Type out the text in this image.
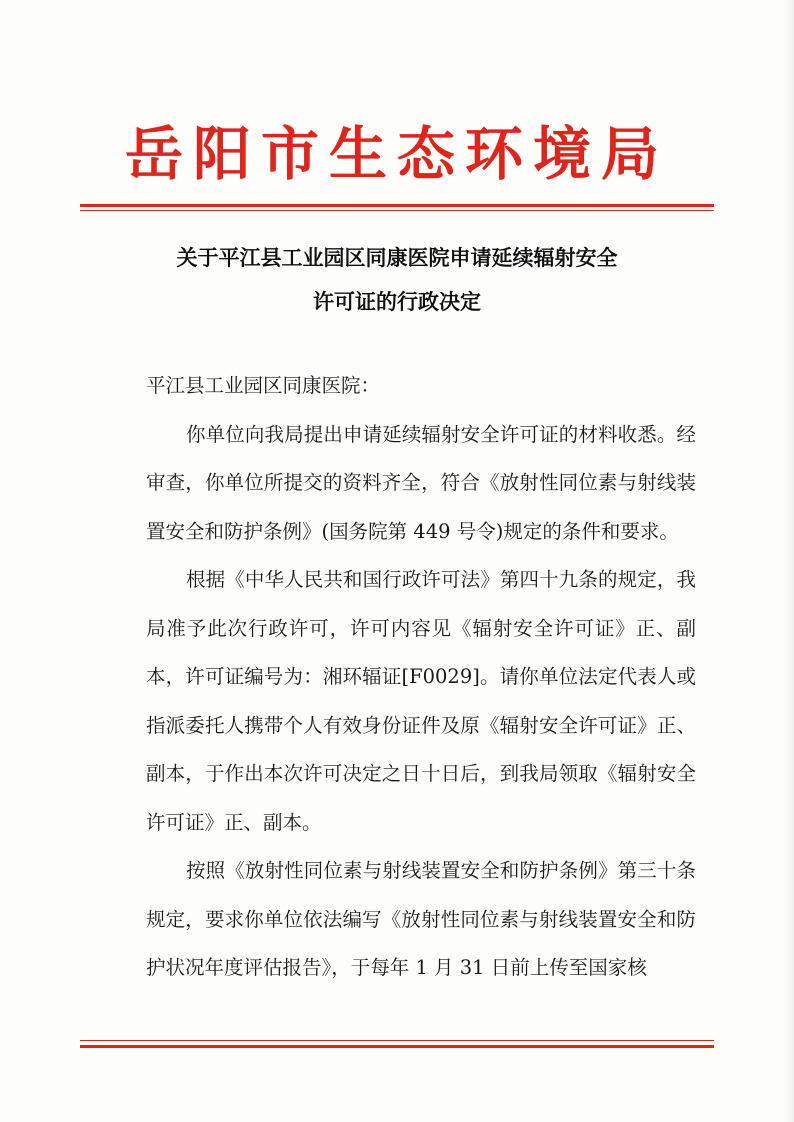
岳阳市生态环境局
关于平江县工业园区同康医院申请延续辐射安全
许可证的行政决定

平江县工业园区同康医院：

你单位向我局提出申请延续辐射安全许可证的材料收悉。经审查，你单位所提交的资料齐全，符合《放射性同位素与射线装置安全和防护条例》(国务院第 449 号令)规定的条件和要求。

根据《中华人民共和国行政许可法》第四十九条的规定，我局准予此次行政许可，许可内容见《辐射安全许可证》正、副本，许可证编号为：湘环辐证[F0029]。请你单位法定代表人或指派委托人携带个人有效身份证件及原《辐射安全许可证》正、副本，于作出本次许可决定之日十日后，到我局领取《辐射安全许可证》正、副本。

按照《放射性同位素与射线装置安全和防护条例》第三十条规定，要求你单位依法编写《放射性同位素与射线装置安全和防护状况年度评估报告》，于每年 1 月 31 日前上传至国家核
